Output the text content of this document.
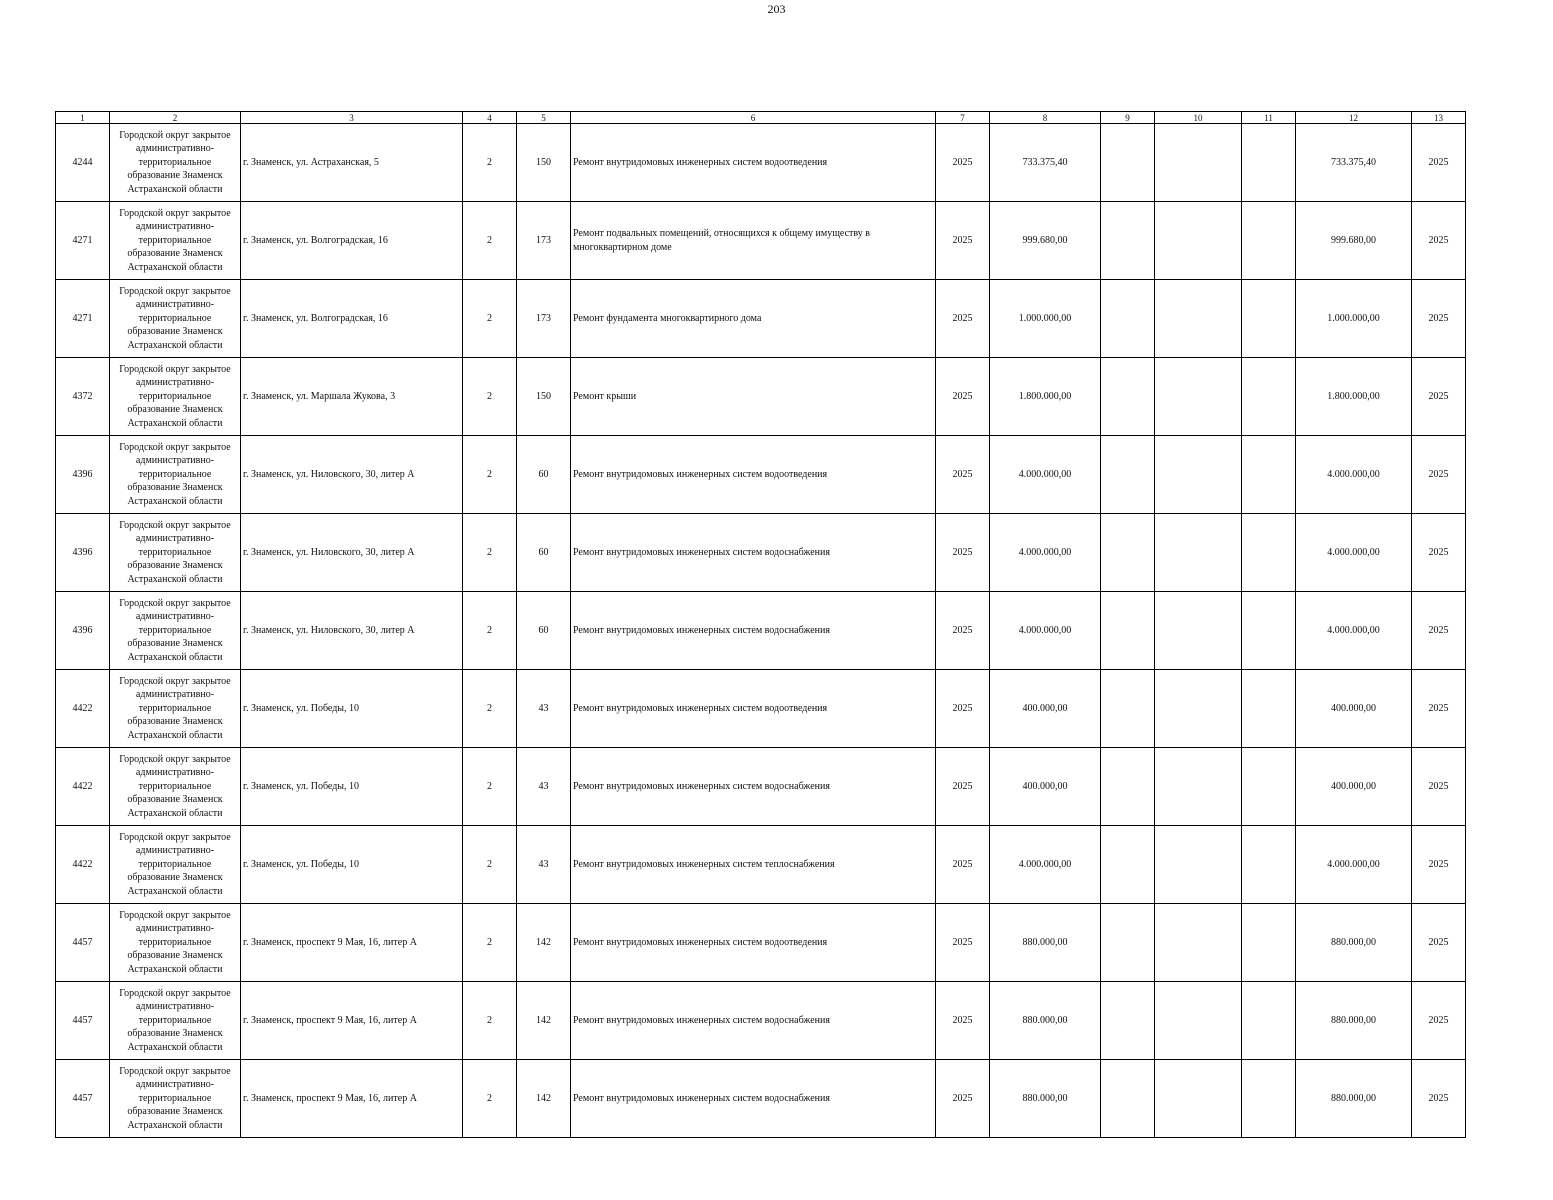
203
1	2	3	4	5	6	7	8	9	10	11	12	13
4244	Городской округ закрытое административно-территориальное образование Знаменск Астраханской области	г. Знаменск, ул. Астраханская, 5	2	150	Ремонт внутридомовых инженерных систем водоотведения	2025	733.375,40				733.375,40	2025
4271	Городской округ закрытое административно-территориальное образование Знаменск Астраханской области	г. Знаменск, ул. Волгоградская, 16	2	173	Ремонт подвальных помещений, относящихся к общему имуществу в многоквартирном доме	2025	999.680,00				999.680,00	2025
4271	Городской округ закрытое административно-территориальное образование Знаменск Астраханской области	г. Знаменск, ул. Волгоградская, 16	2	173	Ремонт фундамента многоквартирного дома	2025	1.000.000,00				1.000.000,00	2025
4372	Городской округ закрытое административно-территориальное образование Знаменск Астраханской области	г. Знаменск, ул. Маршала Жукова, 3	2	150	Ремонт крыши	2025	1.800.000,00				1.800.000,00	2025
4396	Городской округ закрытое административно-территориальное образование Знаменск Астраханской области	г. Знаменск, ул. Ниловского, 30, литер А	2	60	Ремонт внутридомовых инженерных систем водоотведения	2025	4.000.000,00				4.000.000,00	2025
4396	Городской округ закрытое административно-территориальное образование Знаменск Астраханской области	г. Знаменск, ул. Ниловского, 30, литер А	2	60	Ремонт внутридомовых инженерных систем водоснабжения	2025	4.000.000,00				4.000.000,00	2025
4396	Городской округ закрытое административно-территориальное образование Знаменск Астраханской области	г. Знаменск, ул. Ниловского, 30, литер А	2	60	Ремонт внутридомовых инженерных систем водоснабжения	2025	4.000.000,00				4.000.000,00	2025
4422	Городской округ закрытое административно-территориальное образование Знаменск Астраханской области	г. Знаменск, ул. Победы, 10	2	43	Ремонт внутридомовых инженерных систем водоотведения	2025	400.000,00				400.000,00	2025
4422	Городской округ закрытое административно-территориальное образование Знаменск Астраханской области	г. Знаменск, ул. Победы, 10	2	43	Ремонт внутридомовых инженерных систем водоснабжения	2025	400.000,00				400.000,00	2025
4422	Городской округ закрытое административно-территориальное образование Знаменск Астраханской области	г. Знаменск, ул. Победы, 10	2	43	Ремонт внутридомовых инженерных систем теплоснабжения	2025	4.000.000,00				4.000.000,00	2025
4457	Городской округ закрытое административно-территориальное образование Знаменск Астраханской области	г. Знаменск, проспект 9 Мая, 16, литер А	2	142	Ремонт внутридомовых инженерных систем водоотведения	2025	880.000,00				880.000,00	2025
4457	Городской округ закрытое административно-территориальное образование Знаменск Астраханской области	г. Знаменск, проспект 9 Мая, 16, литер А	2	142	Ремонт внутридомовых инженерных систем водоснабжения	2025	880.000,00				880.000,00	2025
4457	Городской округ закрытое административно-территориальное образование Знаменск Астраханской области	г. Знаменск, проспект 9 Мая, 16, литер А	2	142	Ремонт внутридомовых инженерных систем водоснабжения	2025	880.000,00				880.000,00	2025
